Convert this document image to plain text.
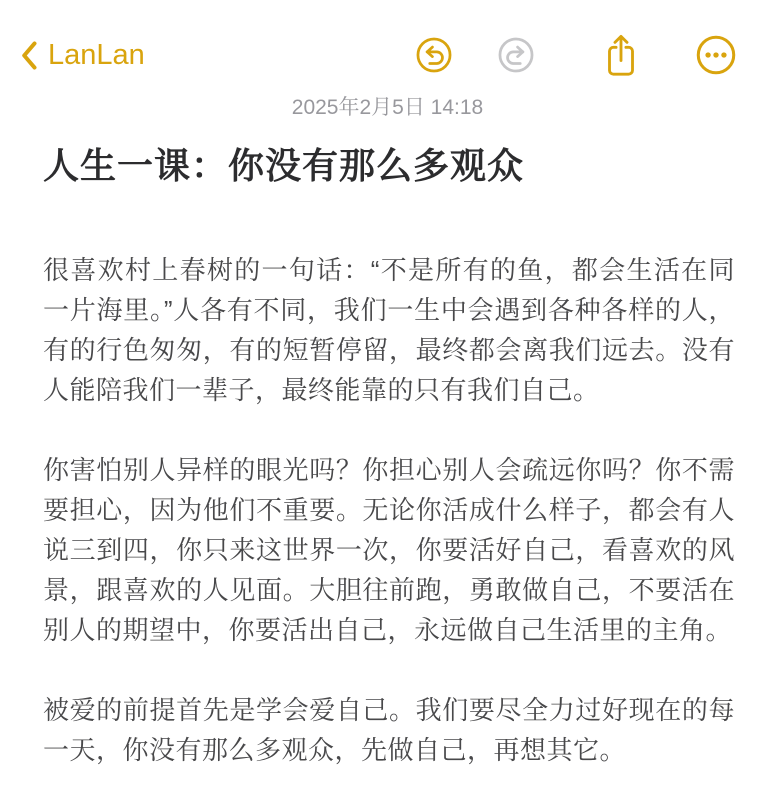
LanLan
2025年2月5日 14:18
人生一课：你没有那么多观众

很喜欢村上春树的一句话：“不是所有的鱼，都会生活在同一片海里。”人各有不同，我们一生中会遇到各种各样的人，有的行色匆匆，有的短暂停留，最终都会离我们远去。没有人能陪我们一辈子，最终能靠的只有我们自己。

你害怕别人异样的眼光吗？你担心别人会疏远你吗？你不需要担心，因为他们不重要。无论你活成什么样子，都会有人说三到四，你只来这世界一次，你要活好自己，看喜欢的风景，跟喜欢的人见面。大胆往前跑，勇敢做自己，不要活在别人的期望中，你要活出自己，永远做自己生活里的主角。

被爱的前提首先是学会爱自己。我们要尽全力过好现在的每一天，你没有那么多观众，先做自己，再想其它。
